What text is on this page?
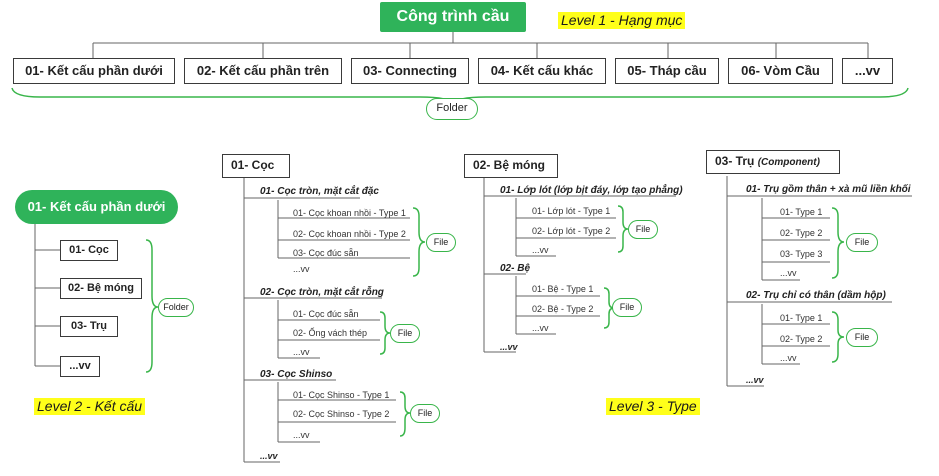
Công trình cầu	Level 1 - Hạng mục
01- Kết cấu phần dưới	02- Kết cấu phần trên	03- Connecting	04- Kết cấu khác	05- Tháp cầu	06- Vòm Cầu	...vv
Folder
01- Kết cấu phần dưới
01- Cọc
02- Bệ móng
03- Trụ
...vv
Folder
Level 2 - Kết cấu
01- Cọc
01- Cọc tròn, mặt cắt đặc
01- Cọc khoan nhồi - Type 1
02- Cọc khoan nhồi - Type 2
03- Cọc đúc sẵn
...vv
File
02- Cọc tròn, mặt cắt rỗng
01- Cọc đúc sẵn
02- Ống vách thép
...vv
File
03- Cọc Shinso
01- Cọc Shinso - Type 1
02- Cọc Shinso - Type 2
...vv
File
...vv
02- Bệ móng
01- Lớp lót (lớp bịt đáy, lớp tạo phẳng)
01- Lớp lót - Type 1
02- Lớp lót - Type 2
...vv
File
02- Bệ
01- Bệ - Type 1
02- Bệ - Type 2
...vv
File
...vv
Level 3 - Type
03- Trụ (Component)
01- Trụ gồm thân + xà mũ liền khối
01- Type 1
02- Type 2
03- Type 3
...vv
File
02- Trụ chỉ có thân (dầm hộp)
01- Type 1
02- Type 2
...vv
File
...vv
